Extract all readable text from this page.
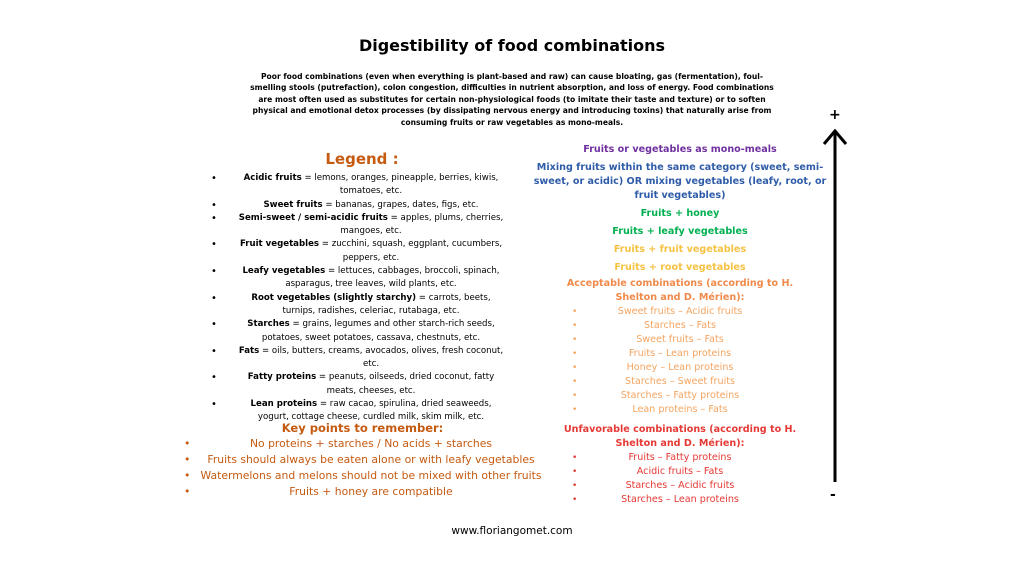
Digestibility of food combinations
Poor food combinations (even when everything is plant-based and raw) can cause bloating, gas (fermentation), foul-smelling stools (putrefaction), colon congestion, difficulties in nutrient absorption, and loss of energy. Food combinations are most often used as substitutes for certain non-physiological foods (to imitate their taste and texture) or to soften physical and emotional detox processes (by dissipating nervous energy and introducing toxins) that naturally arise from consuming fruits or raw vegetables as mono-meals.
Legend :
• Acidic fruits = lemons, oranges, pineapple, berries, kiwis, tomatoes, etc.
• Sweet fruits = bananas, grapes, dates, figs, etc.
• Semi-sweet / semi-acidic fruits = apples, plums, cherries, mangoes, etc.
• Fruit vegetables = zucchini, squash, eggplant, cucumbers, peppers, etc.
• Leafy vegetables = lettuces, cabbages, broccoli, spinach, asparagus, tree leaves, wild plants, etc.
• Root vegetables (slightly starchy) = carrots, beets, turnips, radishes, celeriac, rutabaga, etc.
• Starches = grains, legumes and other starch-rich seeds, potatoes, sweet potatoes, cassava, chestnuts, etc.
• Fats = oils, butters, creams, avocados, olives, fresh coconut, etc.
• Fatty proteins = peanuts, oilseeds, dried coconut, fatty meats, cheeses, etc.
• Lean proteins = raw cacao, spirulina, dried seaweeds, yogurt, cottage cheese, curdled milk, skim milk, etc.
Key points to remember:
• No proteins + starches / No acids + starches
• Fruits should always be eaten alone or with leafy vegetables
• Watermelons and melons should not be mixed with other fruits
• Fruits + honey are compatible
Fruits or vegetables as mono-meals
Mixing fruits within the same category (sweet, semi-sweet, or acidic) OR mixing vegetables (leafy, root, or fruit vegetables)
Fruits + honey
Fruits + leafy vegetables
Fruits + fruit vegetables
Fruits + root vegetables
Acceptable combinations (according to H. Shelton and D. Mérien):
• Sweet fruits – Acidic fruits
• Starches – Fats
• Sweet fruits – Fats
• Fruits – Lean proteins
• Honey – Lean proteins
• Starches – Sweet fruits
• Starches – Fatty proteins
• Lean proteins – Fats
Unfavorable combinations (according to H. Shelton and D. Mérien):
• Fruits – Fatty proteins
• Acidic fruits – Fats
• Starches – Acidic fruits
• Starches – Lean proteins
+
-
www.floriangomet.com
